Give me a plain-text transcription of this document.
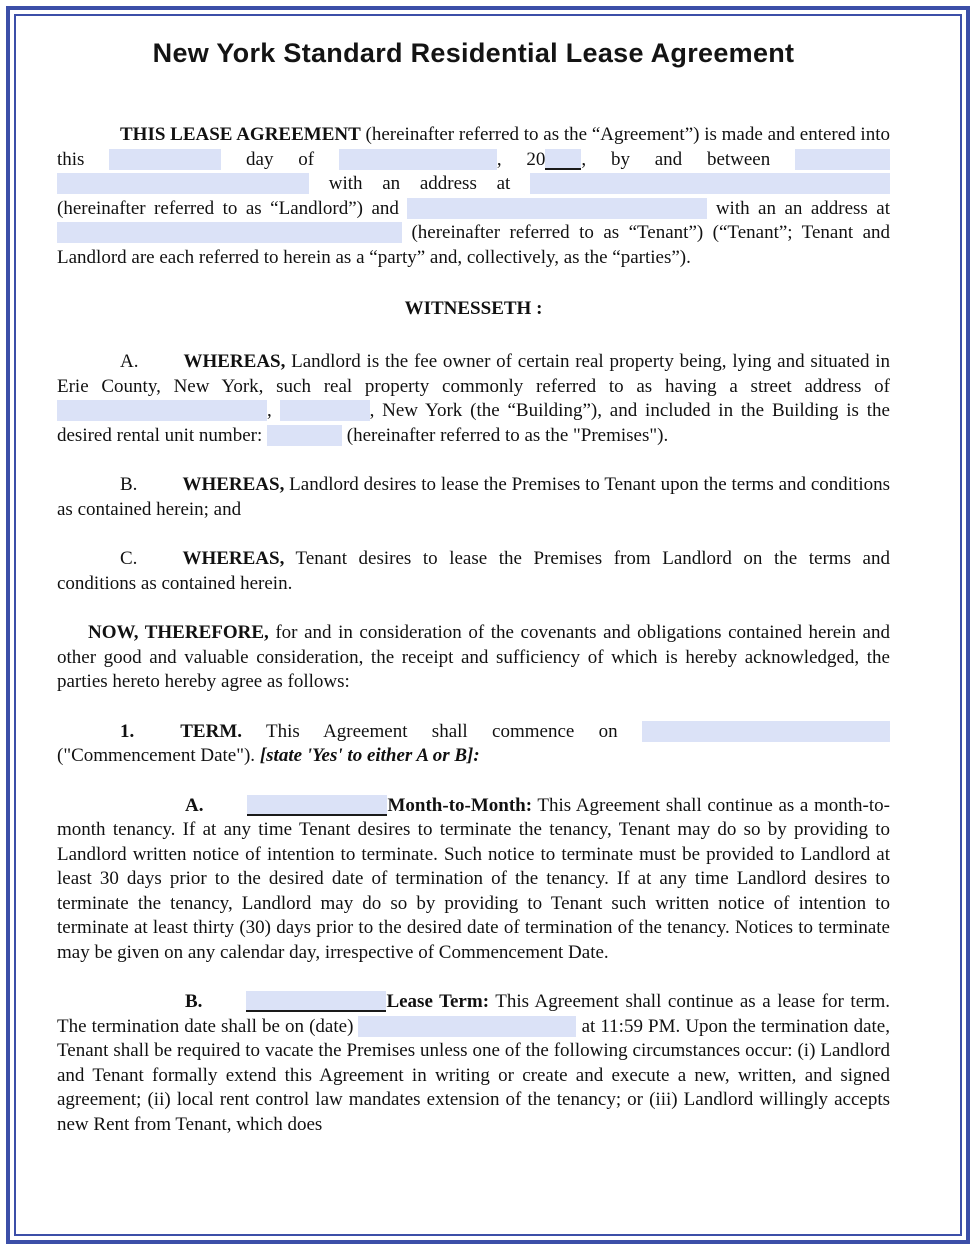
New York Standard Residential Lease Agreement

THIS LEASE AGREEMENT (hereinafter referred to as the “Agreement”) is made and entered into this	day of	, 20 , by and between   with an address at  (hereinafter referred to as “Landlord”) and	with an an address at  (hereinafter referred to as “Tenant”) (“Tenant”; Tenant and Landlord are each referred to herein as a “party” and, collectively, as the “parties”).

WITNESSETH :

A. WHEREAS, Landlord is the fee owner of certain real property being, lying and situated in Erie County, New York, such real property commonly referred to as having a street address of ,	, New York (the “Building”), and included in the Building is the desired rental unit number:	(hereinafter referred to as the "Premises").

B. WHEREAS, Landlord desires to lease the Premises to Tenant upon the terms and conditions as contained herein; and

C. WHEREAS, Tenant desires to lease the Premises from Landlord on the terms and conditions as contained herein.

NOW, THEREFORE, for and in consideration of the covenants and obligations contained herein and other good and valuable consideration, the receipt and sufficiency of which is hereby acknowledged, the parties hereto hereby agree as follows:

1. TERM. This Agreement shall commence on  ("Commencement Date"). [state 'Yes' to either A or B]:

A.	Month-to-Month: This Agreement shall continue as a month-to-month tenancy. If at any time Tenant desires to terminate the tenancy, Tenant may do so by providing to Landlord written notice of intention to terminate. Such notice to terminate must be provided to Landlord at least 30 days prior to the desired date of termination of the tenancy. If at any time Landlord desires to terminate the tenancy, Landlord may do so by providing to Tenant such written notice of intention to terminate at least thirty (30) days prior to the desired date of termination of the tenancy. Notices to terminate may be given on any calendar day, irrespective of Commencement Date.

B.	Lease Term: This Agreement shall continue as a lease for term. The termination date shall be on (date)	at 11:59 PM. Upon the termination date, Tenant shall be required to vacate the Premises unless one of the following circumstances occur: (i) Landlord and Tenant formally extend this Agreement in writing or create and execute a new, written, and signed agreement; (ii) local rent control law mandates extension of the tenancy; or (iii) Landlord willingly accepts new Rent from Tenant, which does
